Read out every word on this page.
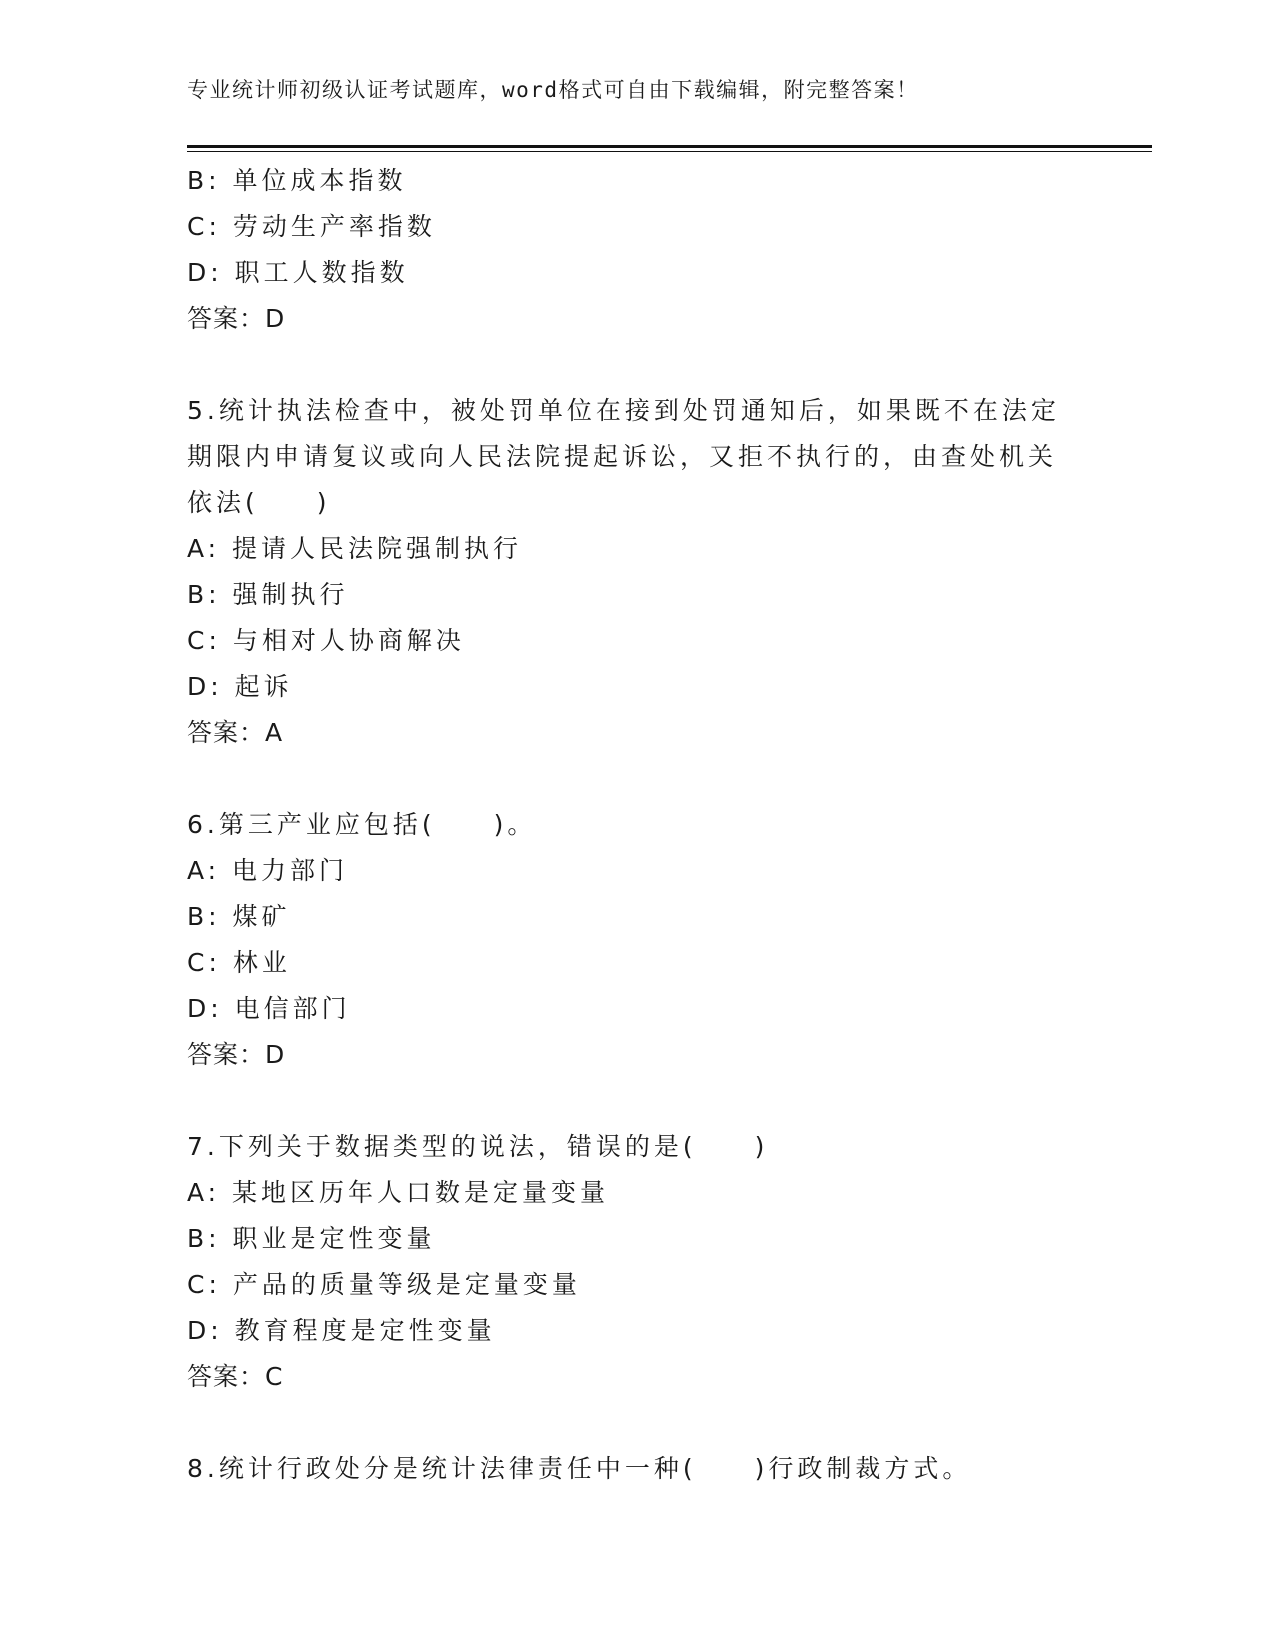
专业统计师初级认证考试题库，word格式可自由下载编辑，附完整答案！
B: 单位成本指数
C: 劳动生产率指数
D: 职工人数指数
答案：D
5.统计执法检查中，被处罚单位在接到处罚通知后，如果既不在法定
期限内申请复议或向人民法院提起诉讼，又拒不执行的，由查处机关
依法(　　)
A: 提请人民法院强制执行
B: 强制执行
C: 与相对人协商解决
D: 起诉
答案：A
6.第三产业应包括(　　)。
A: 电力部门
B: 煤矿
C: 林业
D: 电信部门
答案：D
7.下列关于数据类型的说法，错误的是(　　)
A: 某地区历年人口数是定量变量
B: 职业是定性变量
C: 产品的质量等级是定量变量
D: 教育程度是定性变量
答案：C
8.统计行政处分是统计法律责任中一种(　　)行政制裁方式。
